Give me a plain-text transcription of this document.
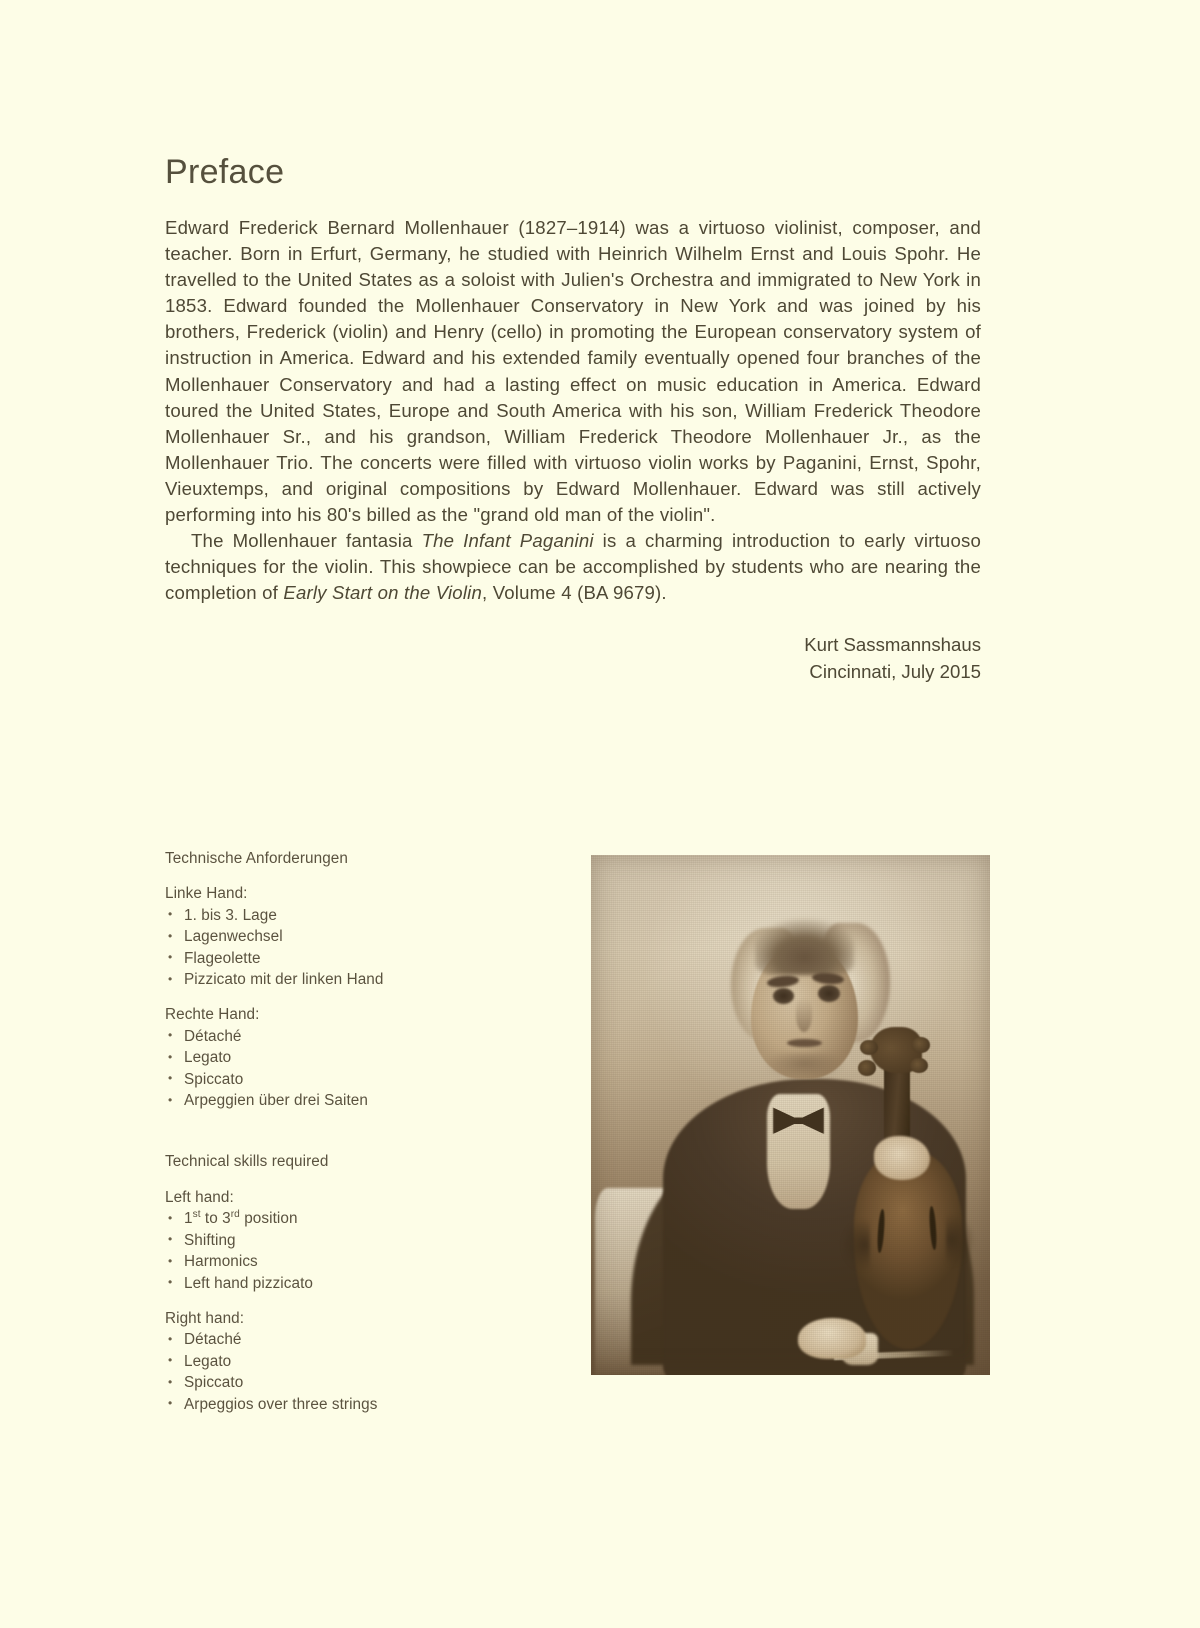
Preface

Edward Frederick Bernard Mollenhauer (1827–1914) was a virtuoso violinist, composer, and teacher. Born in Erfurt, Germany, he studied with Heinrich Wilhelm Ernst and Louis Spohr. He travelled to the United States as a soloist with Julien's Orchestra and immigrated to New York in 1853. Edward founded the Mollenhauer Conservatory in New York and was joined by his brothers, Frederick (violin) and Henry (cello) in promoting the European conservatory system of instruction in America. Edward and his extended family eventually opened four branches of the Mollenhauer Conservatory and had a lasting effect on music education in America. Edward toured the United States, Europe and South America with his son, William Frederick Theodore Mollenhauer Sr., and his grandson, William Frederick Theodore Mollenhauer Jr., as the Mollenhauer Trio. The concerts were filled with virtuoso violin works by Paganini, Ernst, Spohr, Vieuxtemps, and original compositions by Edward Mollenhauer. Edward was still actively performing into his 80's billed as the "grand old man of the violin".

The Mollenhauer fantasia The Infant Paganini is a charming introduction to early virtuoso techniques for the violin. This showpiece can be accomplished by students who are nearing the completion of Early Start on the Violin, Volume 4 (BA 9679).

Kurt Sassmannshaus
Cincinnati, July 2015
Technische Anforderungen
Linke Hand:
• 1. bis 3. Lage
• Lagenwechsel
• Flageolette
• Pizzicato mit der linken Hand
Rechte Hand:
• Détaché
• Legato
• Spiccato
• Arpeggien über drei Saiten
Technical skills required
Left hand:
• 1st to 3rd position
• Shifting
• Harmonics
• Left hand pizzicato
Right hand:
• Détaché
• Legato
• Spiccato
• Arpeggios over three strings
